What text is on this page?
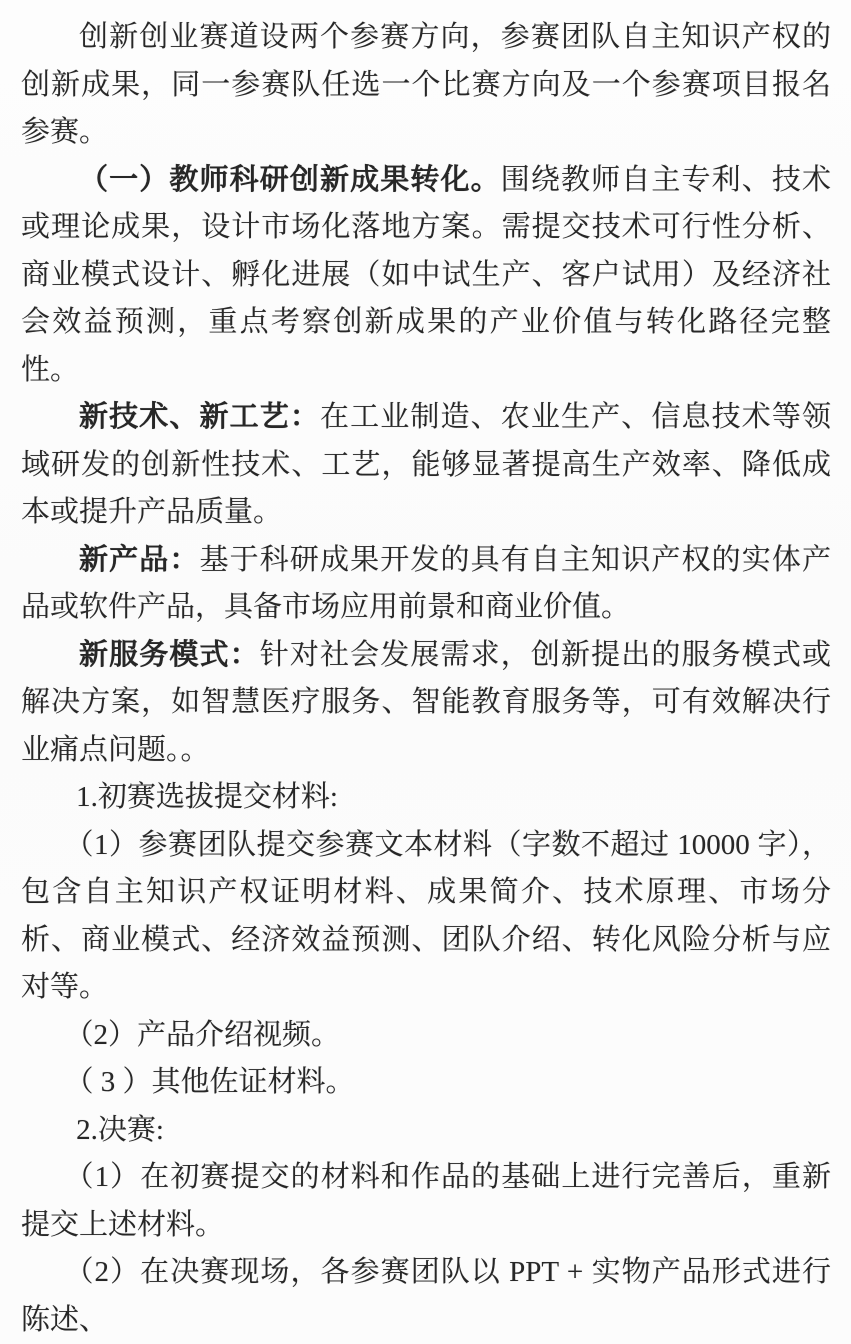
创新创业赛道设两个参赛方向，参赛团队自主知识产权的创新成果，同一参赛队任选一个比赛方向及一个参赛项目报名参赛。

（一）教师科研创新成果转化。围绕教师自主专利、技术或理论成果，设计市场化落地方案。需提交技术可行性分析、商业模式设计、孵化进展（如中试生产、客户试用）及经济社会效益预测，重点考察创新成果的产业价值与转化路径完整性。

新技术、新工艺：在工业制造、农业生产、信息技术等领域研发的创新性技术、工艺，能够显著提高生产效率、降低成本或提升产品质量。

新产品：基于科研成果开发的具有自主知识产权的实体产品或软件产品，具备市场应用前景和商业价值。

新服务模式：针对社会发展需求，创新提出的服务模式或解决方案，如智慧医疗服务、智能教育服务等，可有效解决行业痛点问题。。

1.初赛选拔提交材料:

（1）参赛团队提交参赛文本材料（字数不超过 10000 字），包含自主知识产权证明材料、成果简介、技术原理、市场分析、商业模式、经济效益预测、团队介绍、转化风险分析与应对等。

（2）产品介绍视频。

（ 3 ）其他佐证材料。

2.决赛:

（1）在初赛提交的材料和作品的基础上进行完善后，重新提交上述材料。

（2）在决赛现场，各参赛团队以 PPT + 实物产品形式进行陈述、
